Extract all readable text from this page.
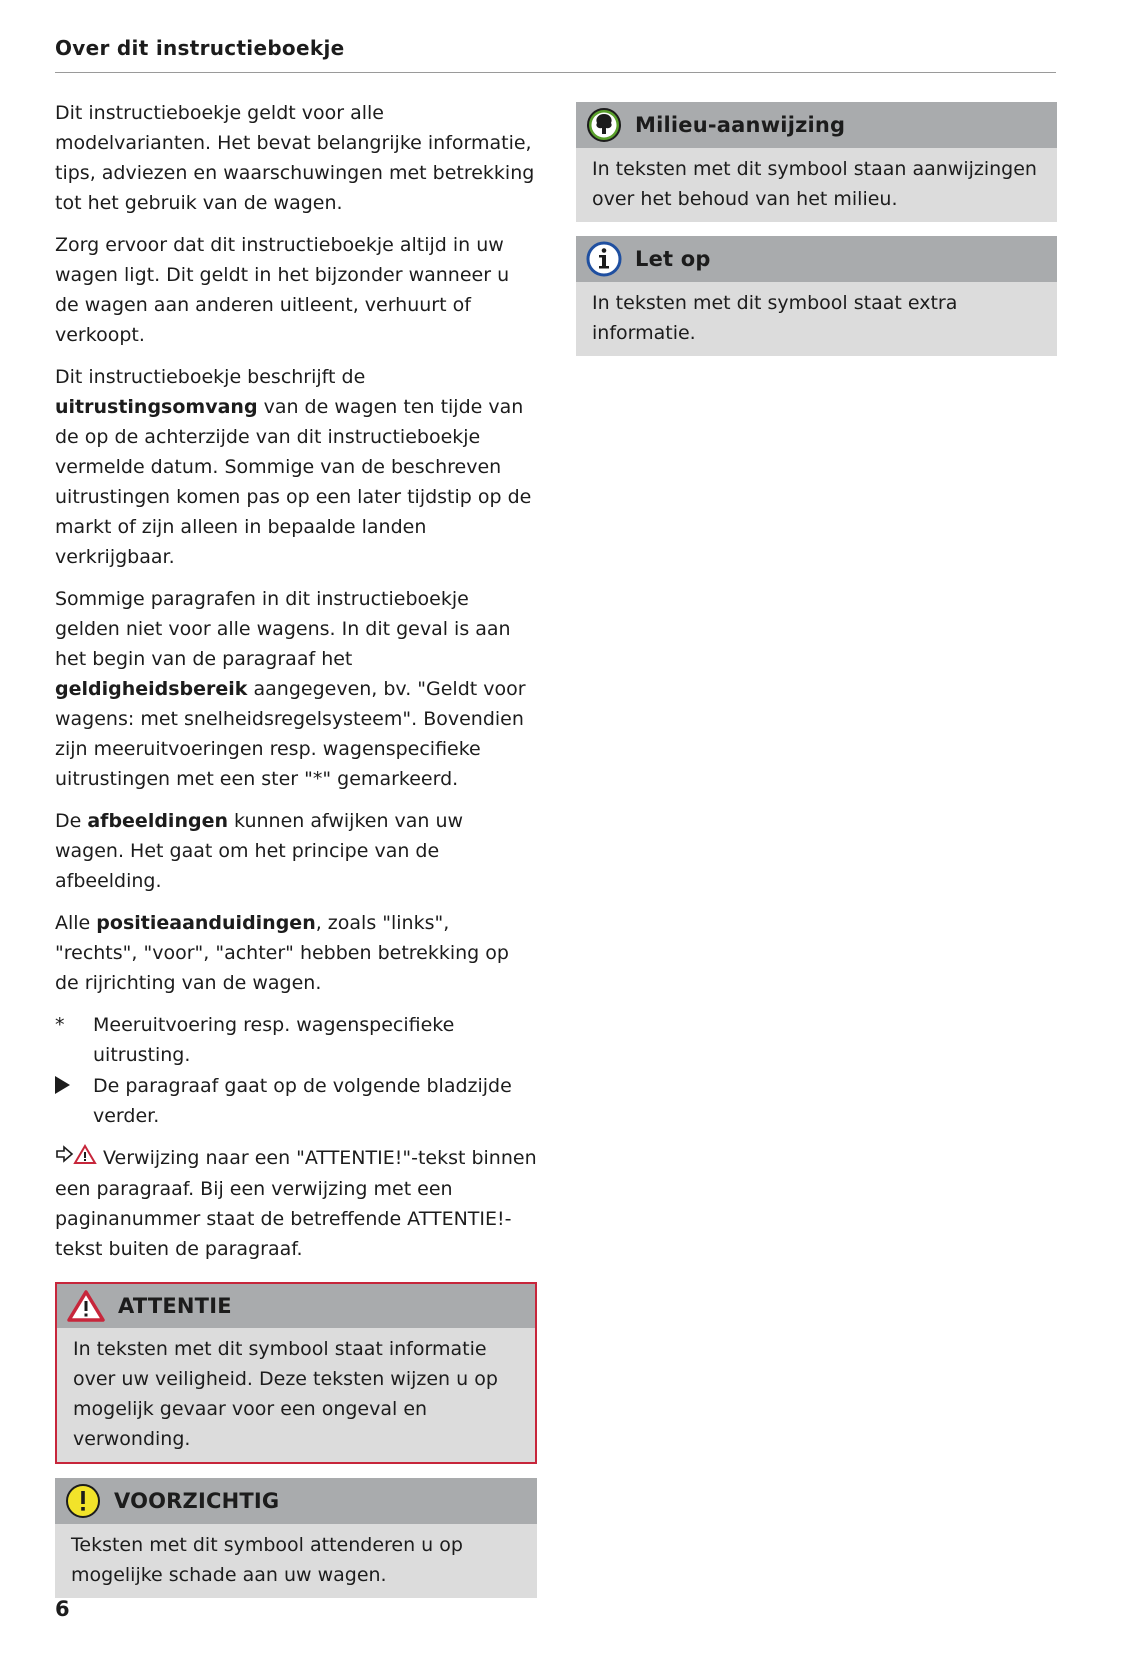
Over dit instructieboekje

Dit instructieboekje geldt voor alle modelvarianten. Het bevat belangrijke informatie, tips, adviezen en waarschuwingen met betrekking tot het gebruik van de wagen.

Zorg ervoor dat dit instructieboekje altijd in uw wagen ligt. Dit geldt in het bijzonder wanneer u de wagen aan anderen uitleent, verhuurt of verkoopt.

Dit instructieboekje beschrijft de uitrustingsomvang van de wagen ten tijde van de op de achterzijde van dit instructieboekje vermelde datum. Sommige van de beschreven uitrustingen komen pas op een later tijdstip op de markt of zijn alleen in bepaalde landen verkrijgbaar.

Sommige paragrafen in dit instructieboekje gelden niet voor alle wagens. In dit geval is aan het begin van de paragraaf het geldigheidsbereik aangegeven, bv. "Geldt voor wagens: met snelheidsregelsysteem". Bovendien zijn meeruitvoeringen resp. wagenspecifieke uitrustingen met een ster "*" gemarkeerd.

De afbeeldingen kunnen afwijken van uw wagen. Het gaat om het principe van de afbeelding.

Alle positieaanduidingen, zoals "links", "rechts", "voor", "achter" hebben betrekking op de rijrichting van de wagen.

*	Meeruitvoering resp. wagenspecifieke uitrusting.
De paragraaf gaat op de volgende bladzijde verder.

Verwijzing naar een "ATTENTIE!"-tekst binnen een paragraaf. Bij een verwijzing met een paginanummer staat de betreffende ATTENTIE!-tekst buiten de paragraaf.

ATTENTIE
In teksten met dit symbool staat informatie over uw veiligheid. Deze teksten wijzen u op mogelijk gevaar voor een ongeval en verwonding.
VOORZICHTIG
Teksten met dit symbool attenderen u op mogelijke schade aan uw wagen.
Milieu-aanwijzing
In teksten met dit symbool staan aanwijzingen over het behoud van het milieu.
Let op
In teksten met dit symbool staat extra informatie.
6
